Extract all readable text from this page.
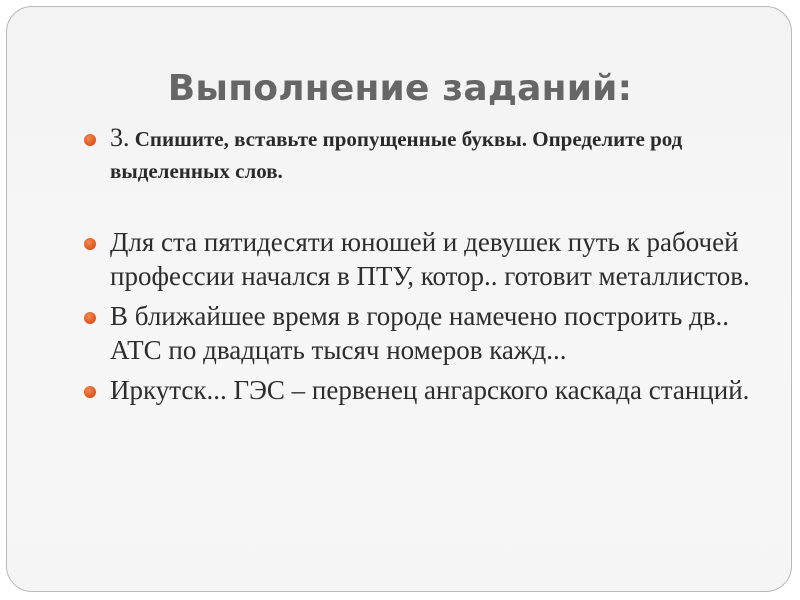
Выполнение заданий:
3. Спишите, вставьте пропущенные буквы. Определите род выделенных слов.
Для ста пятидесяти юношей и девушек путь к рабочей профессии начался в ПТУ, котор.. готовит металлистов.
В ближайшее время в городе намечено построить дв.. АТС по двадцать тысяч номеров кажд...
Иркутск... ГЭС – первенец ангарского каскада станций.
